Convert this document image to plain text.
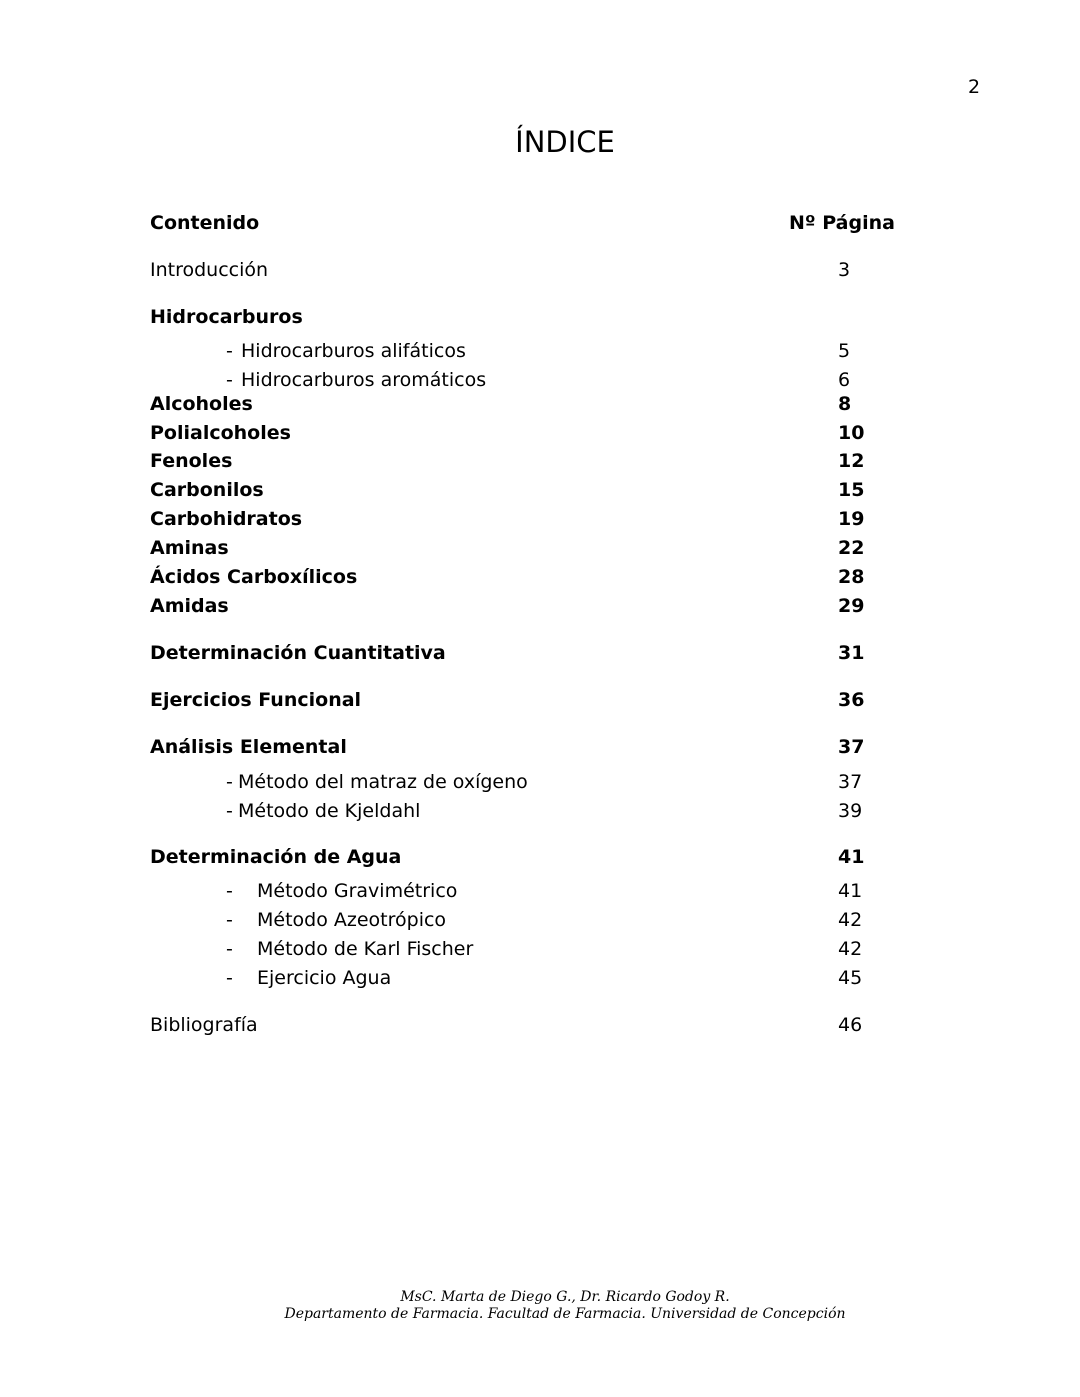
2
ÍNDICE
Contenido	Nº Página
Introducción	3
Hidrocarburos
- Hidrocarburos alifáticos	5
- Hidrocarburos aromáticos	6
Alcoholes	8
Polialcoholes	10
Fenoles	12
Carbonilos	15
Carbohidratos	19
Aminas	22
Ácidos Carboxílicos	28
Amidas	29
Determinación Cuantitativa	31
Ejercicios Funcional	36
Análisis Elemental	37
- Método del matraz de oxígeno	37
- Método de Kjeldahl	39
Determinación de Agua	41
- Método Gravimétrico	41
- Método Azeotrópico	42
- Método de Karl Fischer	42
- Ejercicio Agua	45
Bibliografía	46
MsC. Marta de Diego G., Dr. Ricardo Godoy R.
Departamento de Farmacia. Facultad de Farmacia. Universidad de Concepción
